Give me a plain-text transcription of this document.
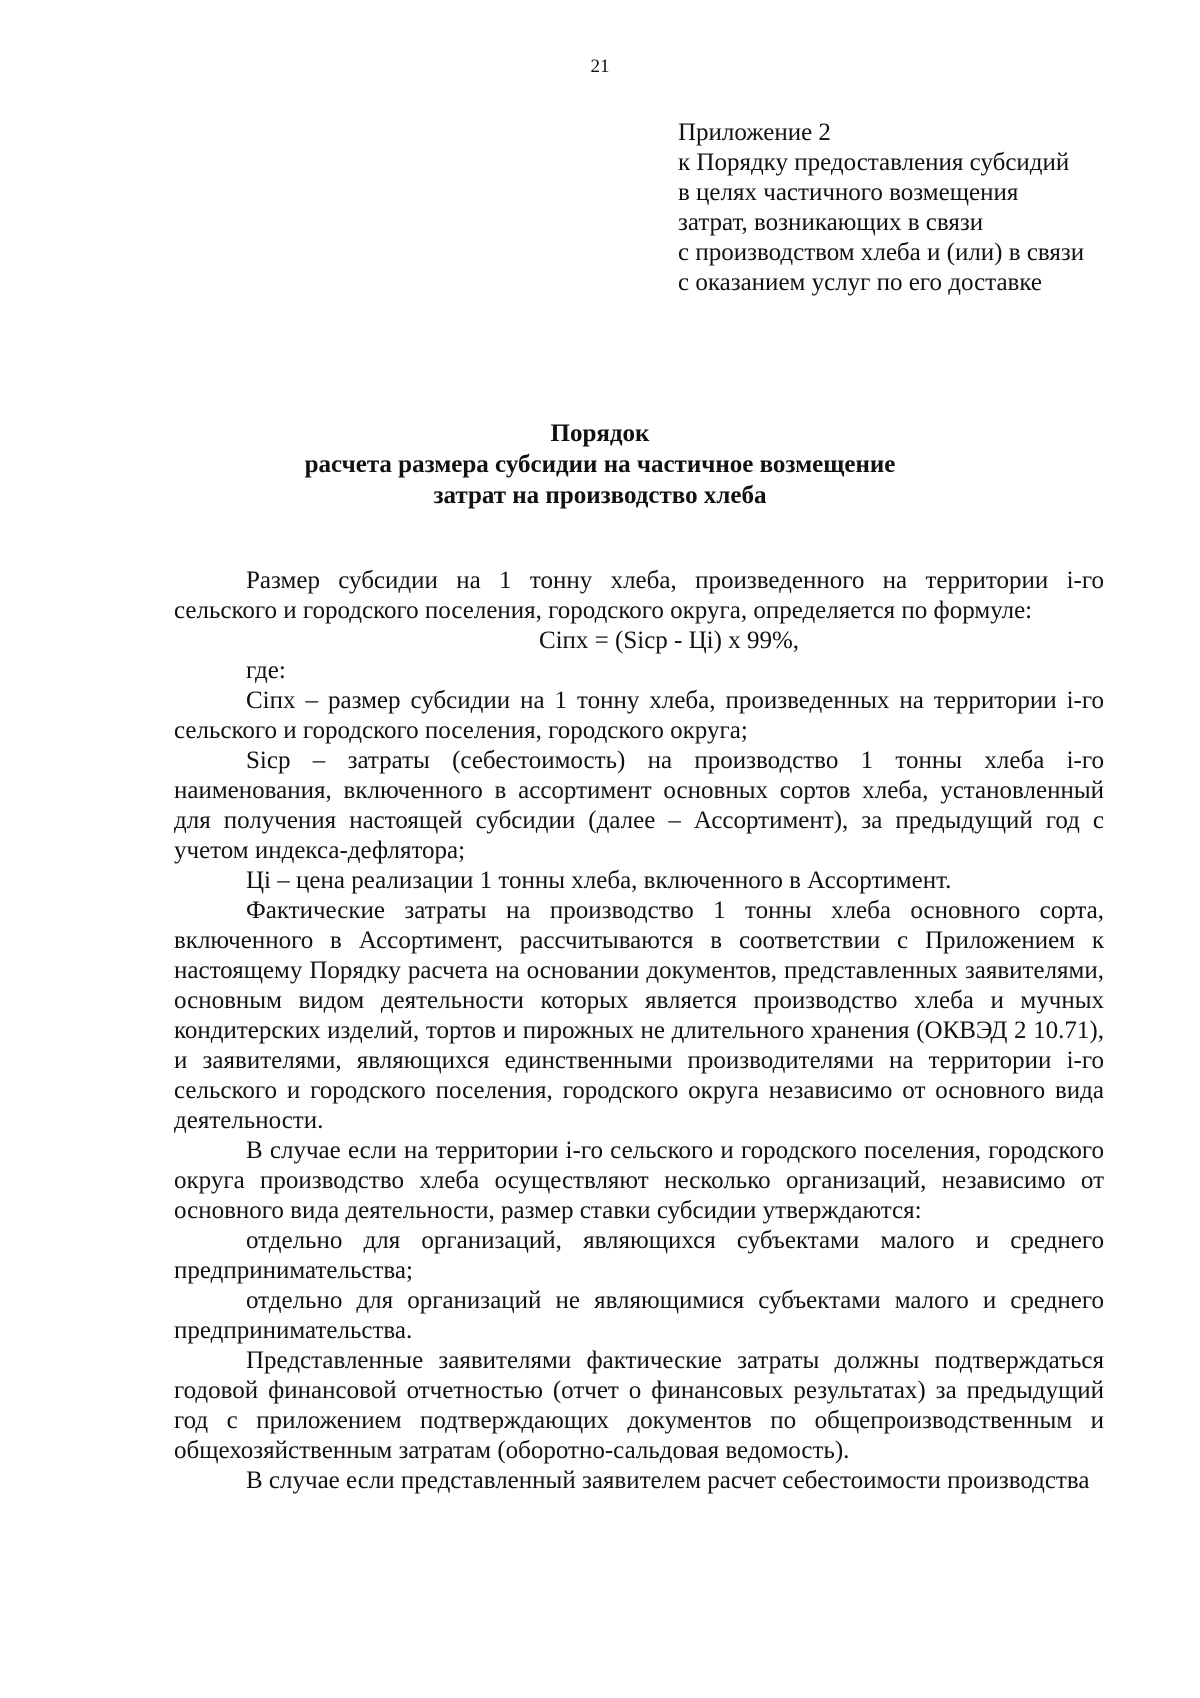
21
Приложение 2
к Порядку предоставления субсидий
в целях частичного возмещения
затрат, возникающих в связи
с производством хлеба и (или) в связи
с оказанием услуг по его доставке
Порядок
расчета размера субсидии на частичное возмещение
затрат на производство хлеба

Размер субсидии на 1 тонну хлеба, произведенного на территории i-го сельского и городского поселения, городского округа, определяется по формуле:

Сiпх = (Sicp - Цi) х 99%,

где:

Сiпх – размер субсидии на 1 тонну хлеба, произведенных на территории i-го сельского и городского поселения, городского округа;

Sicp – затраты (себестоимость) на производство 1 тонны хлеба i-го наименования, включенного в ассортимент основных сортов хлеба, установленный для получения настоящей субсидии (далее – Ассортимент), за предыдущий год с учетом индекса-дефлятора;

Цi – цена реализации 1 тонны хлеба, включенного в Ассортимент.

Фактические затраты на производство 1 тонны хлеба основного сорта, включенного в Ассортимент, рассчитываются в соответствии с Приложением к настоящему Порядку расчета на основании документов, представленных заявителями, основным видом деятельности которых является производство хлеба и мучных кондитерских изделий, тортов и пирожных не длительного хранения (ОКВЭД 2 10.71), и заявителями, являющихся единственными производителями на территории i-го сельского и городского поселения, городского округа независимо от основного вида деятельности.

В случае если на территории i-го сельского и городского поселения, городского округа производство хлеба осуществляют несколько организаций, независимо от основного вида деятельности, размер ставки субсидии утверждаются:

отдельно для организаций, являющихся субъектами малого и среднего предпринимательства;

отдельно для организаций не являющимися субъектами малого и среднего предпринимательства.

Представленные заявителями фактические затраты должны подтверждаться годовой финансовой отчетностью (отчет о финансовых результатах) за предыдущий год с приложением подтверждающих документов по общепроизводственным и общехозяйственным затратам (оборотно-сальдовая ведомость).

В случае если представленный заявителем расчет себестоимости производства
